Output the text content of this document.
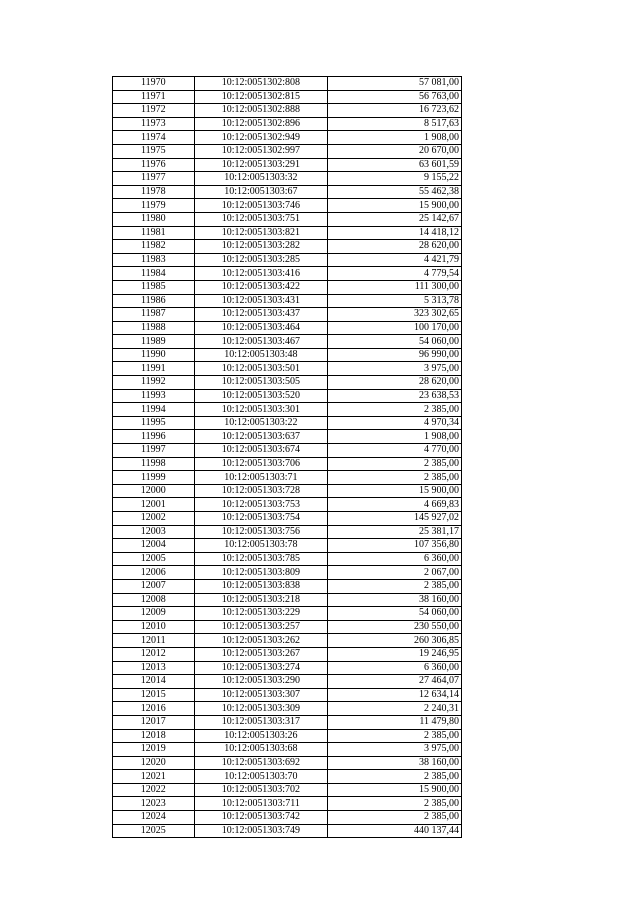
11970	10:12:0051302:808	57 081,00
11971	10:12:0051302:815	56 763,00
11972	10:12:0051302:888	16 723,62
11973	10:12:0051302:896	8 517,63
11974	10:12:0051302:949	1 908,00
11975	10:12:0051302:997	20 670,00
11976	10:12:0051303:291	63 601,59
11977	10:12:0051303:32	9 155,22
11978	10:12:0051303:67	55 462,38
11979	10:12:0051303:746	15 900,00
11980	10:12:0051303:751	25 142,67
11981	10:12:0051303:821	14 418,12
11982	10:12:0051303:282	28 620,00
11983	10:12:0051303:285	4 421,79
11984	10:12:0051303:416	4 779,54
11985	10:12:0051303:422	111 300,00
11986	10:12:0051303:431	5 313,78
11987	10:12:0051303:437	323 302,65
11988	10:12:0051303:464	100 170,00
11989	10:12:0051303:467	54 060,00
11990	10:12:0051303:48	96 990,00
11991	10:12:0051303:501	3 975,00
11992	10:12:0051303:505	28 620,00
11993	10:12:0051303:520	23 638,53
11994	10:12:0051303:301	2 385,00
11995	10:12:0051303:22	4 970,34
11996	10:12:0051303:637	1 908,00
11997	10:12:0051303:674	4 770,00
11998	10:12:0051303:706	2 385,00
11999	10:12:0051303:71	2 385,00
12000	10:12:0051303:728	15 900,00
12001	10:12:0051303:753	4 669,83
12002	10:12:0051303:754	145 927,02
12003	10:12:0051303:756	25 381,17
12004	10:12:0051303:78	107 356,80
12005	10:12:0051303:785	6 360,00
12006	10:12:0051303:809	2 067,00
12007	10:12:0051303:838	2 385,00
12008	10:12:0051303:218	38 160,00
12009	10:12:0051303:229	54 060,00
12010	10:12:0051303:257	230 550,00
12011	10:12:0051303:262	260 306,85
12012	10:12:0051303:267	19 246,95
12013	10:12:0051303:274	6 360,00
12014	10:12:0051303:290	27 464,07
12015	10:12:0051303:307	12 634,14
12016	10:12:0051303:309	2 240,31
12017	10:12:0051303:317	11 479,80
12018	10:12:0051303:26	2 385,00
12019	10:12:0051303:68	3 975,00
12020	10:12:0051303:692	38 160,00
12021	10:12:0051303:70	2 385,00
12022	10:12:0051303:702	15 900,00
12023	10:12:0051303:711	2 385,00
12024	10:12:0051303:742	2 385,00
12025	10:12:0051303:749	440 137,44
